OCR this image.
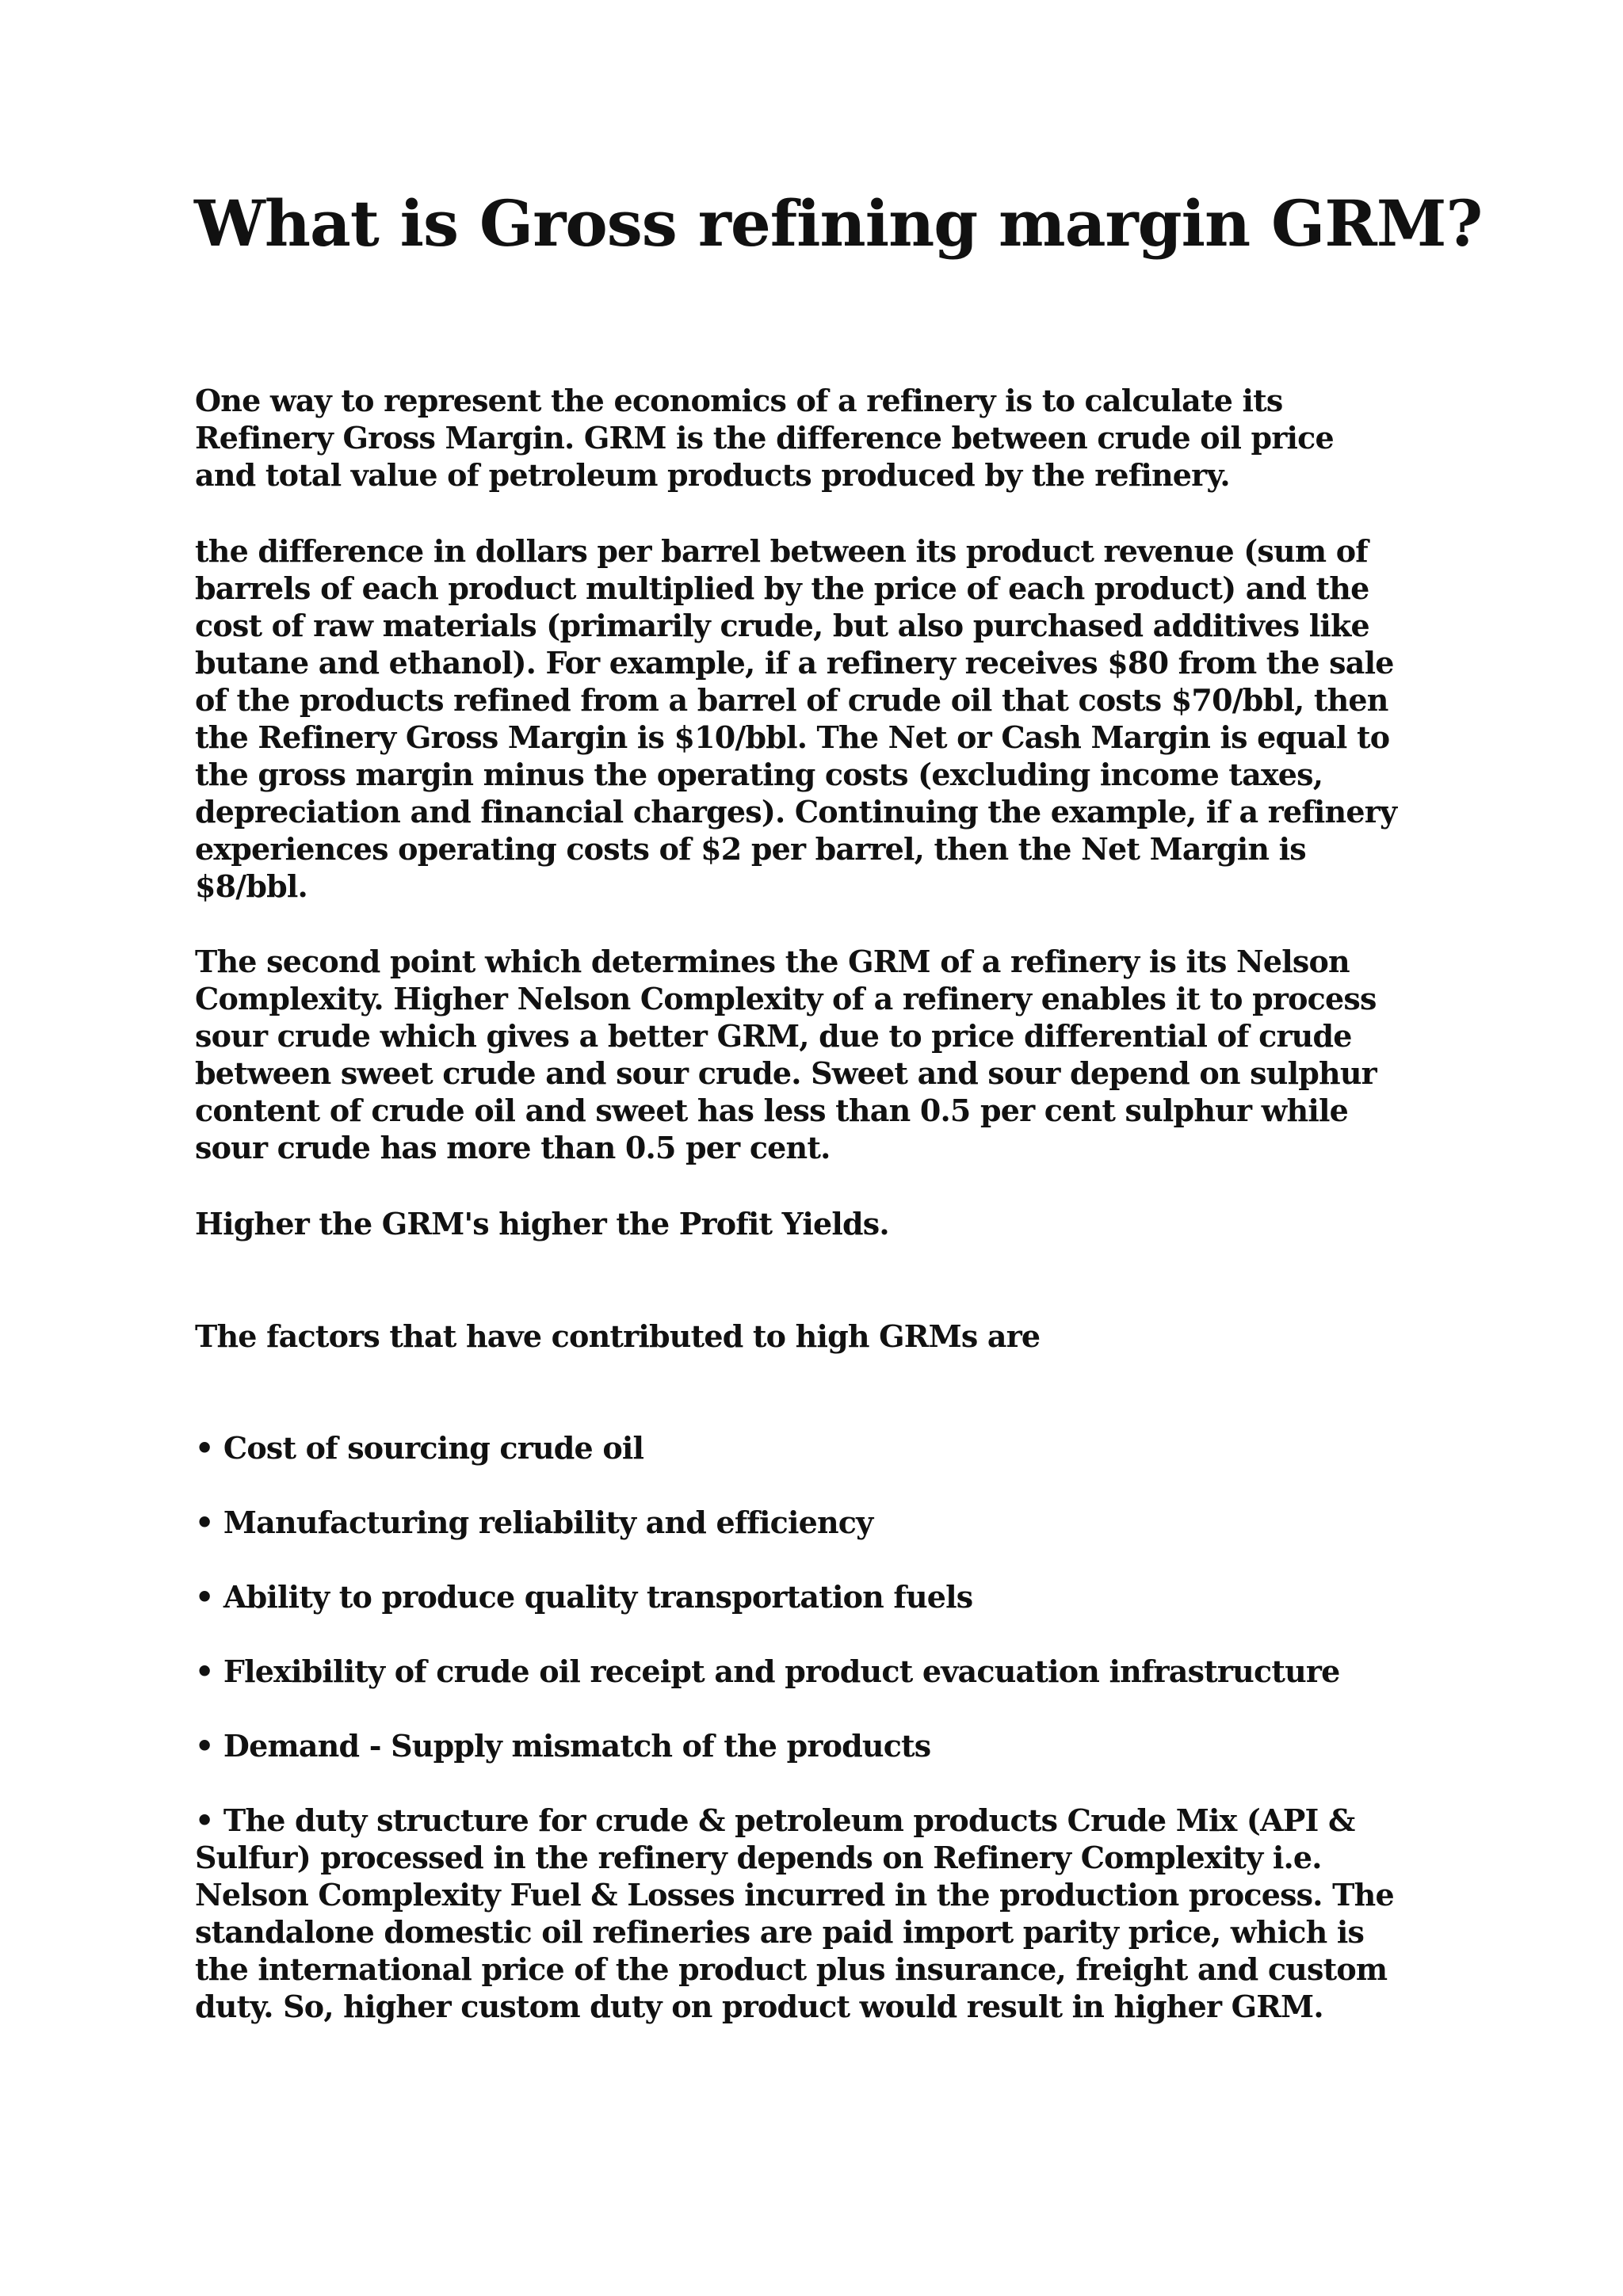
What is Gross refining margin GRM?

One way to represent the economics of a refinery is to calculate its
Refinery Gross Margin. GRM is the difference between crude oil price
and total value of petroleum products produced by the refinery.

the difference in dollars per barrel between its product revenue (sum of
barrels of each product multiplied by the price of each product) and the
cost of raw materials (primarily crude, but also purchased additives like
butane and ethanol). For example, if a refinery receives $80 from the sale
of the products refined from a barrel of crude oil that costs $70/bbl, then
the Refinery Gross Margin is $10/bbl. The Net or Cash Margin is equal to
the gross margin minus the operating costs (excluding income taxes,
depreciation and financial charges). Continuing the example, if a refinery
experiences operating costs of $2 per barrel, then the Net Margin is
$8/bbl.

The second point which determines the GRM of a refinery is its Nelson
Complexity. Higher Nelson Complexity of a refinery enables it to process
sour crude which gives a better GRM, due to price differential of crude
between sweet crude and sour crude. Sweet and sour depend on sulphur
content of crude oil and sweet has less than 0.5 per cent sulphur while
sour crude has more than 0.5 per cent.

Higher the GRM's higher the Profit Yields.

The factors that have contributed to high GRMs are

• Cost of sourcing crude oil

• Manufacturing reliability and efficiency

• Ability to produce quality transportation fuels

• Flexibility of crude oil receipt and product evacuation infrastructure

• Demand - Supply mismatch of the products

• The duty structure for crude & petroleum products Crude Mix (API &
Sulfur) processed in the refinery depends on Refinery Complexity i.e.
Nelson Complexity Fuel & Losses incurred in the production process. The
standalone domestic oil refineries are paid import parity price, which is
the international price of the product plus insurance, freight and custom
duty. So, higher custom duty on product would result in higher GRM.
